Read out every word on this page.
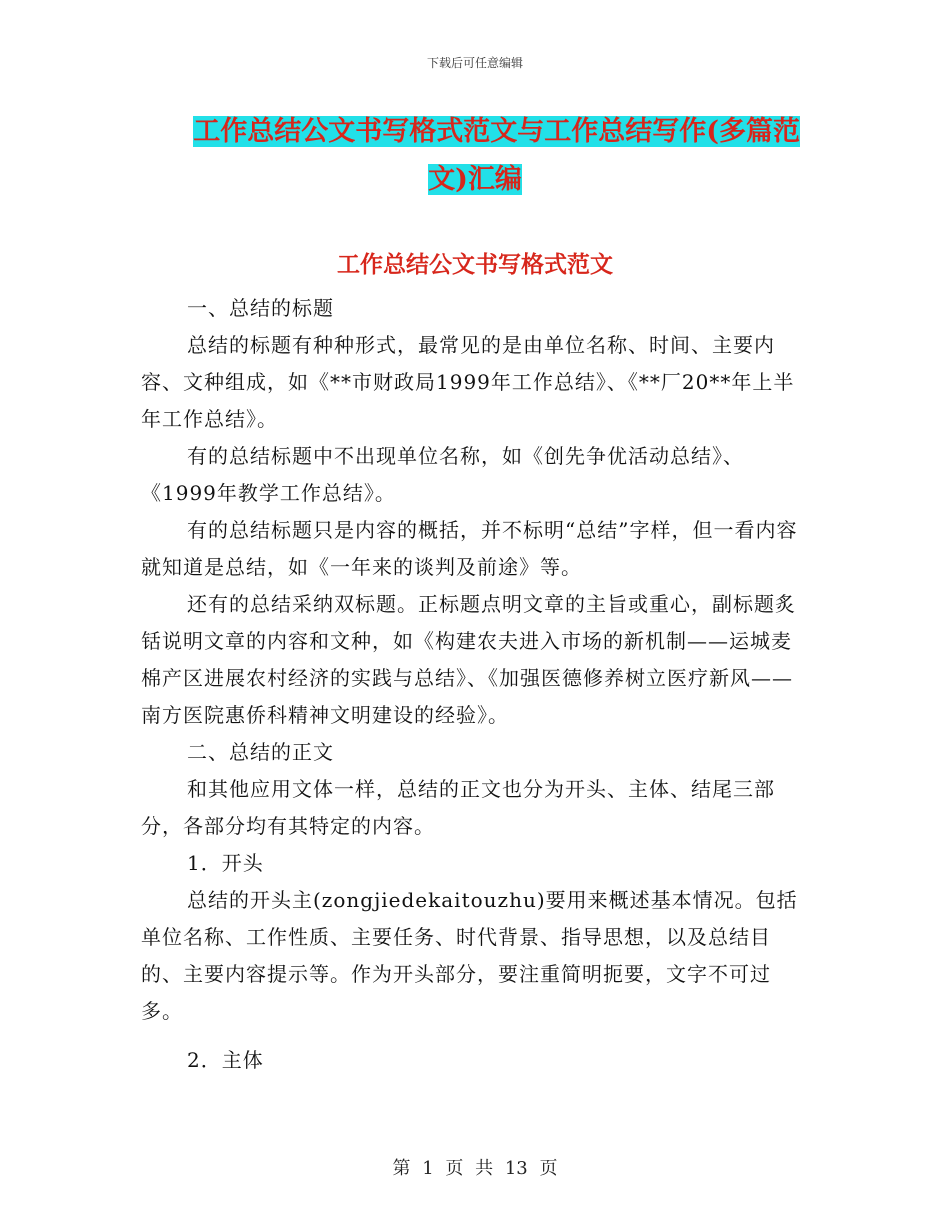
下载后可任意编辑
工作总结公文书写格式范文与工作总结写作(多篇范
文)汇编
工作总结公文书写格式范文

一、总结的标题

总结的标题有种种形式，最常见的是由单位名称、时间、主要内容、文种组成，如《**市财政局1999年工作总结》、《**厂20**年上半年工作总结》。

有的总结标题中不出现单位名称，如《创先争优活动总结》、《1999年教学工作总结》。

有的总结标题只是内容的概括，并不标明“总结”字样，但一看内容就知道是总结，如《一年来的谈判及前途》等。

还有的总结采纳双标题。正标题点明文章的主旨或重心，副标题炙铦说明文章的内容和文种，如《构建农夫进入市场的新机制——运城麦棉产区进展农村经济的实践与总结》、《加强医德修养树立医疗新风——南方医院惠侨科精神文明建设的经验》。

二、总结的正文

和其他应用文体一样，总结的正文也分为开头、主体、结尾三部分，各部分均有其特定的内容。

1．开头

总结的开头主(zongjiedekaitouzhu)要用来概述基本情况。包括单位名称、工作性质、主要任务、时代背景、指导思想，以及总结目的、主要内容提示等。作为开头部分，要注重简明扼要，文字不可过多。

2．主体

第 1 页 共 13 页
